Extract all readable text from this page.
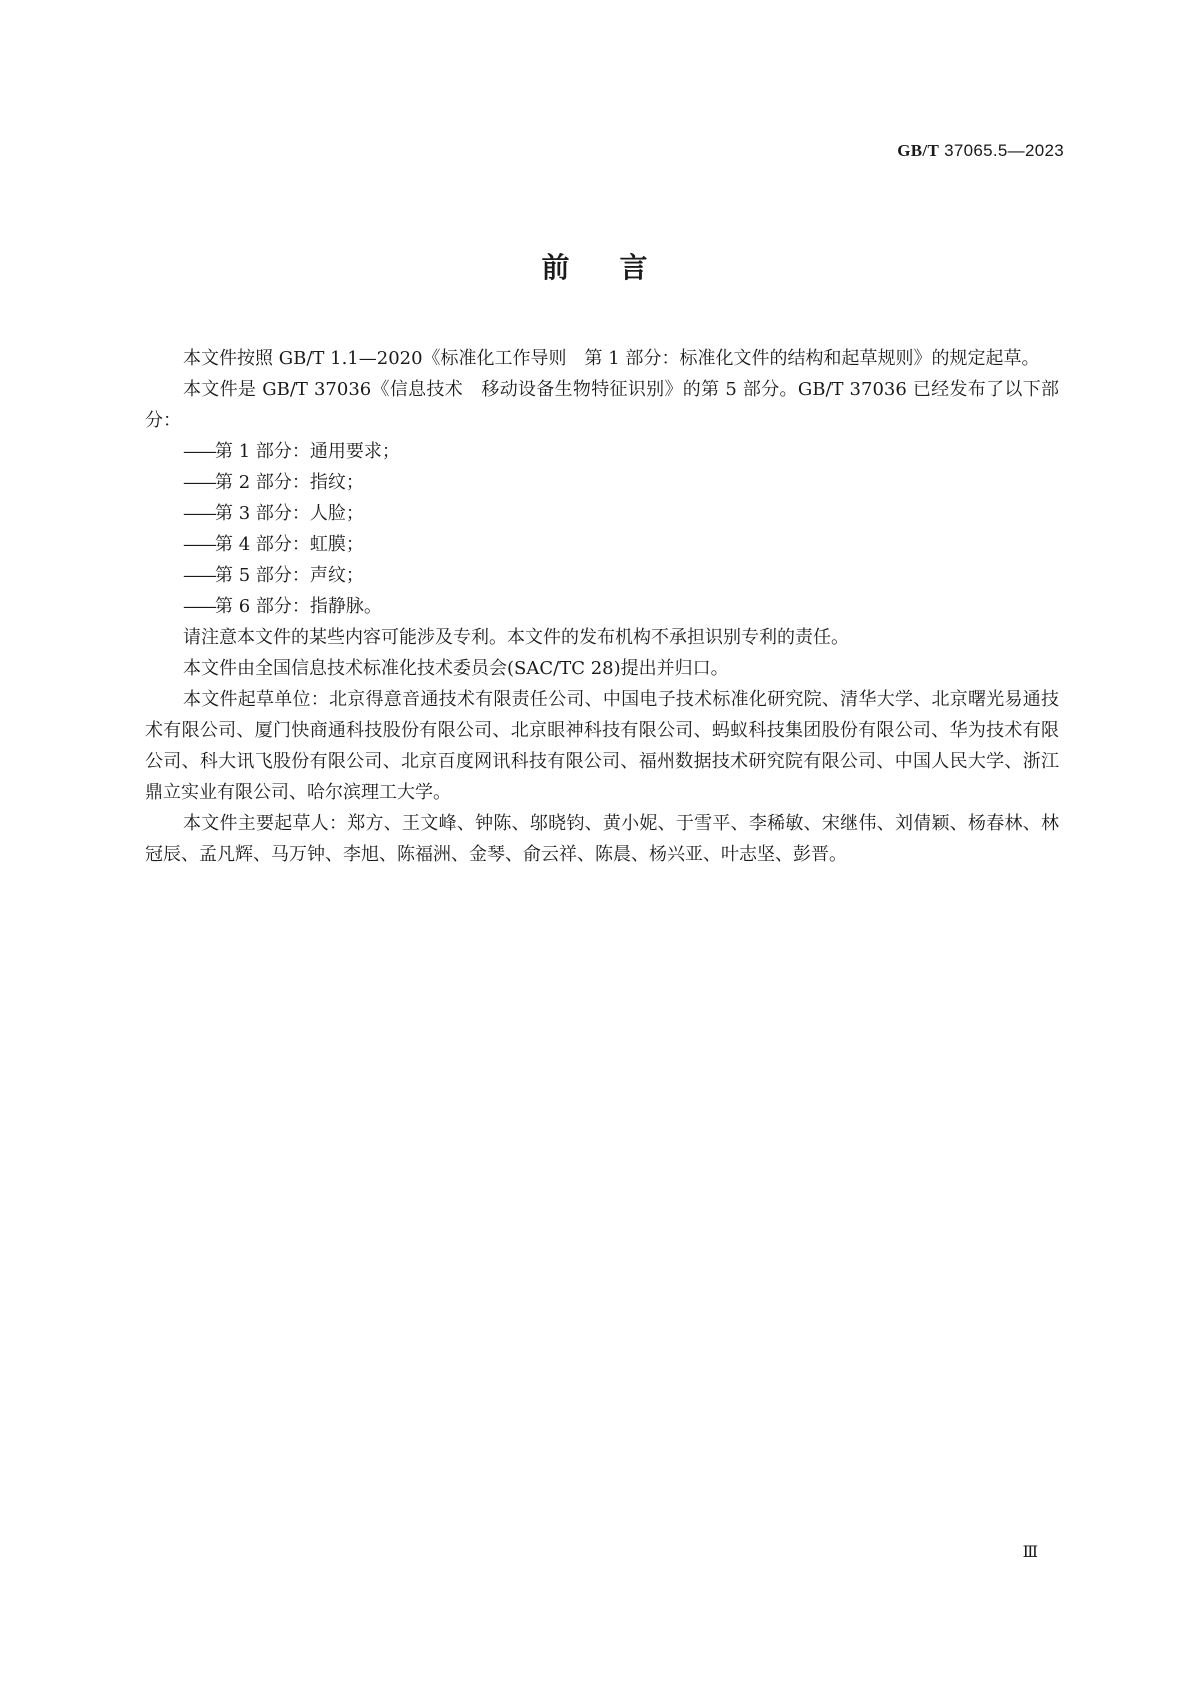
GB/T 37065.5—2023
前 言

本文件按照 GB/T 1.1—2020《标准化工作导则　第 1 部分：标准化文件的结构和起草规则》的规定起草。

本文件是 GB/T 37036《信息技术　移动设备生物特征识别》的第 5 部分。GB/T 37036 已经发布了以下部分：

——第 1 部分：通用要求；

——第 2 部分：指纹；

——第 3 部分：人脸；

——第 4 部分：虹膜；

——第 5 部分：声纹；

——第 6 部分：指静脉。

请注意本文件的某些内容可能涉及专利。本文件的发布机构不承担识别专利的责任。

本文件由全国信息技术标准化技术委员会(SAC/TC 28)提出并归口。

本文件起草单位：北京得意音通技术有限责任公司、中国电子技术标准化研究院、清华大学、北京曙光易通技术有限公司、厦门快商通科技股份有限公司、北京眼神科技有限公司、蚂蚁科技集团股份有限公司、华为技术有限公司、科大讯飞股份有限公司、北京百度网讯科技有限公司、福州数据技术研究院有限公司、中国人民大学、浙江鼎立实业有限公司、哈尔滨理工大学。

本文件主要起草人：郑方、王文峰、钟陈、邬晓钧、黄小妮、于雪平、李稀敏、宋继伟、刘倩颖、杨春林、林冠辰、孟凡辉、马万钟、李旭、陈福洲、金琴、俞云祥、陈晨、杨兴亚、叶志坚、彭晋。

Ⅲ
